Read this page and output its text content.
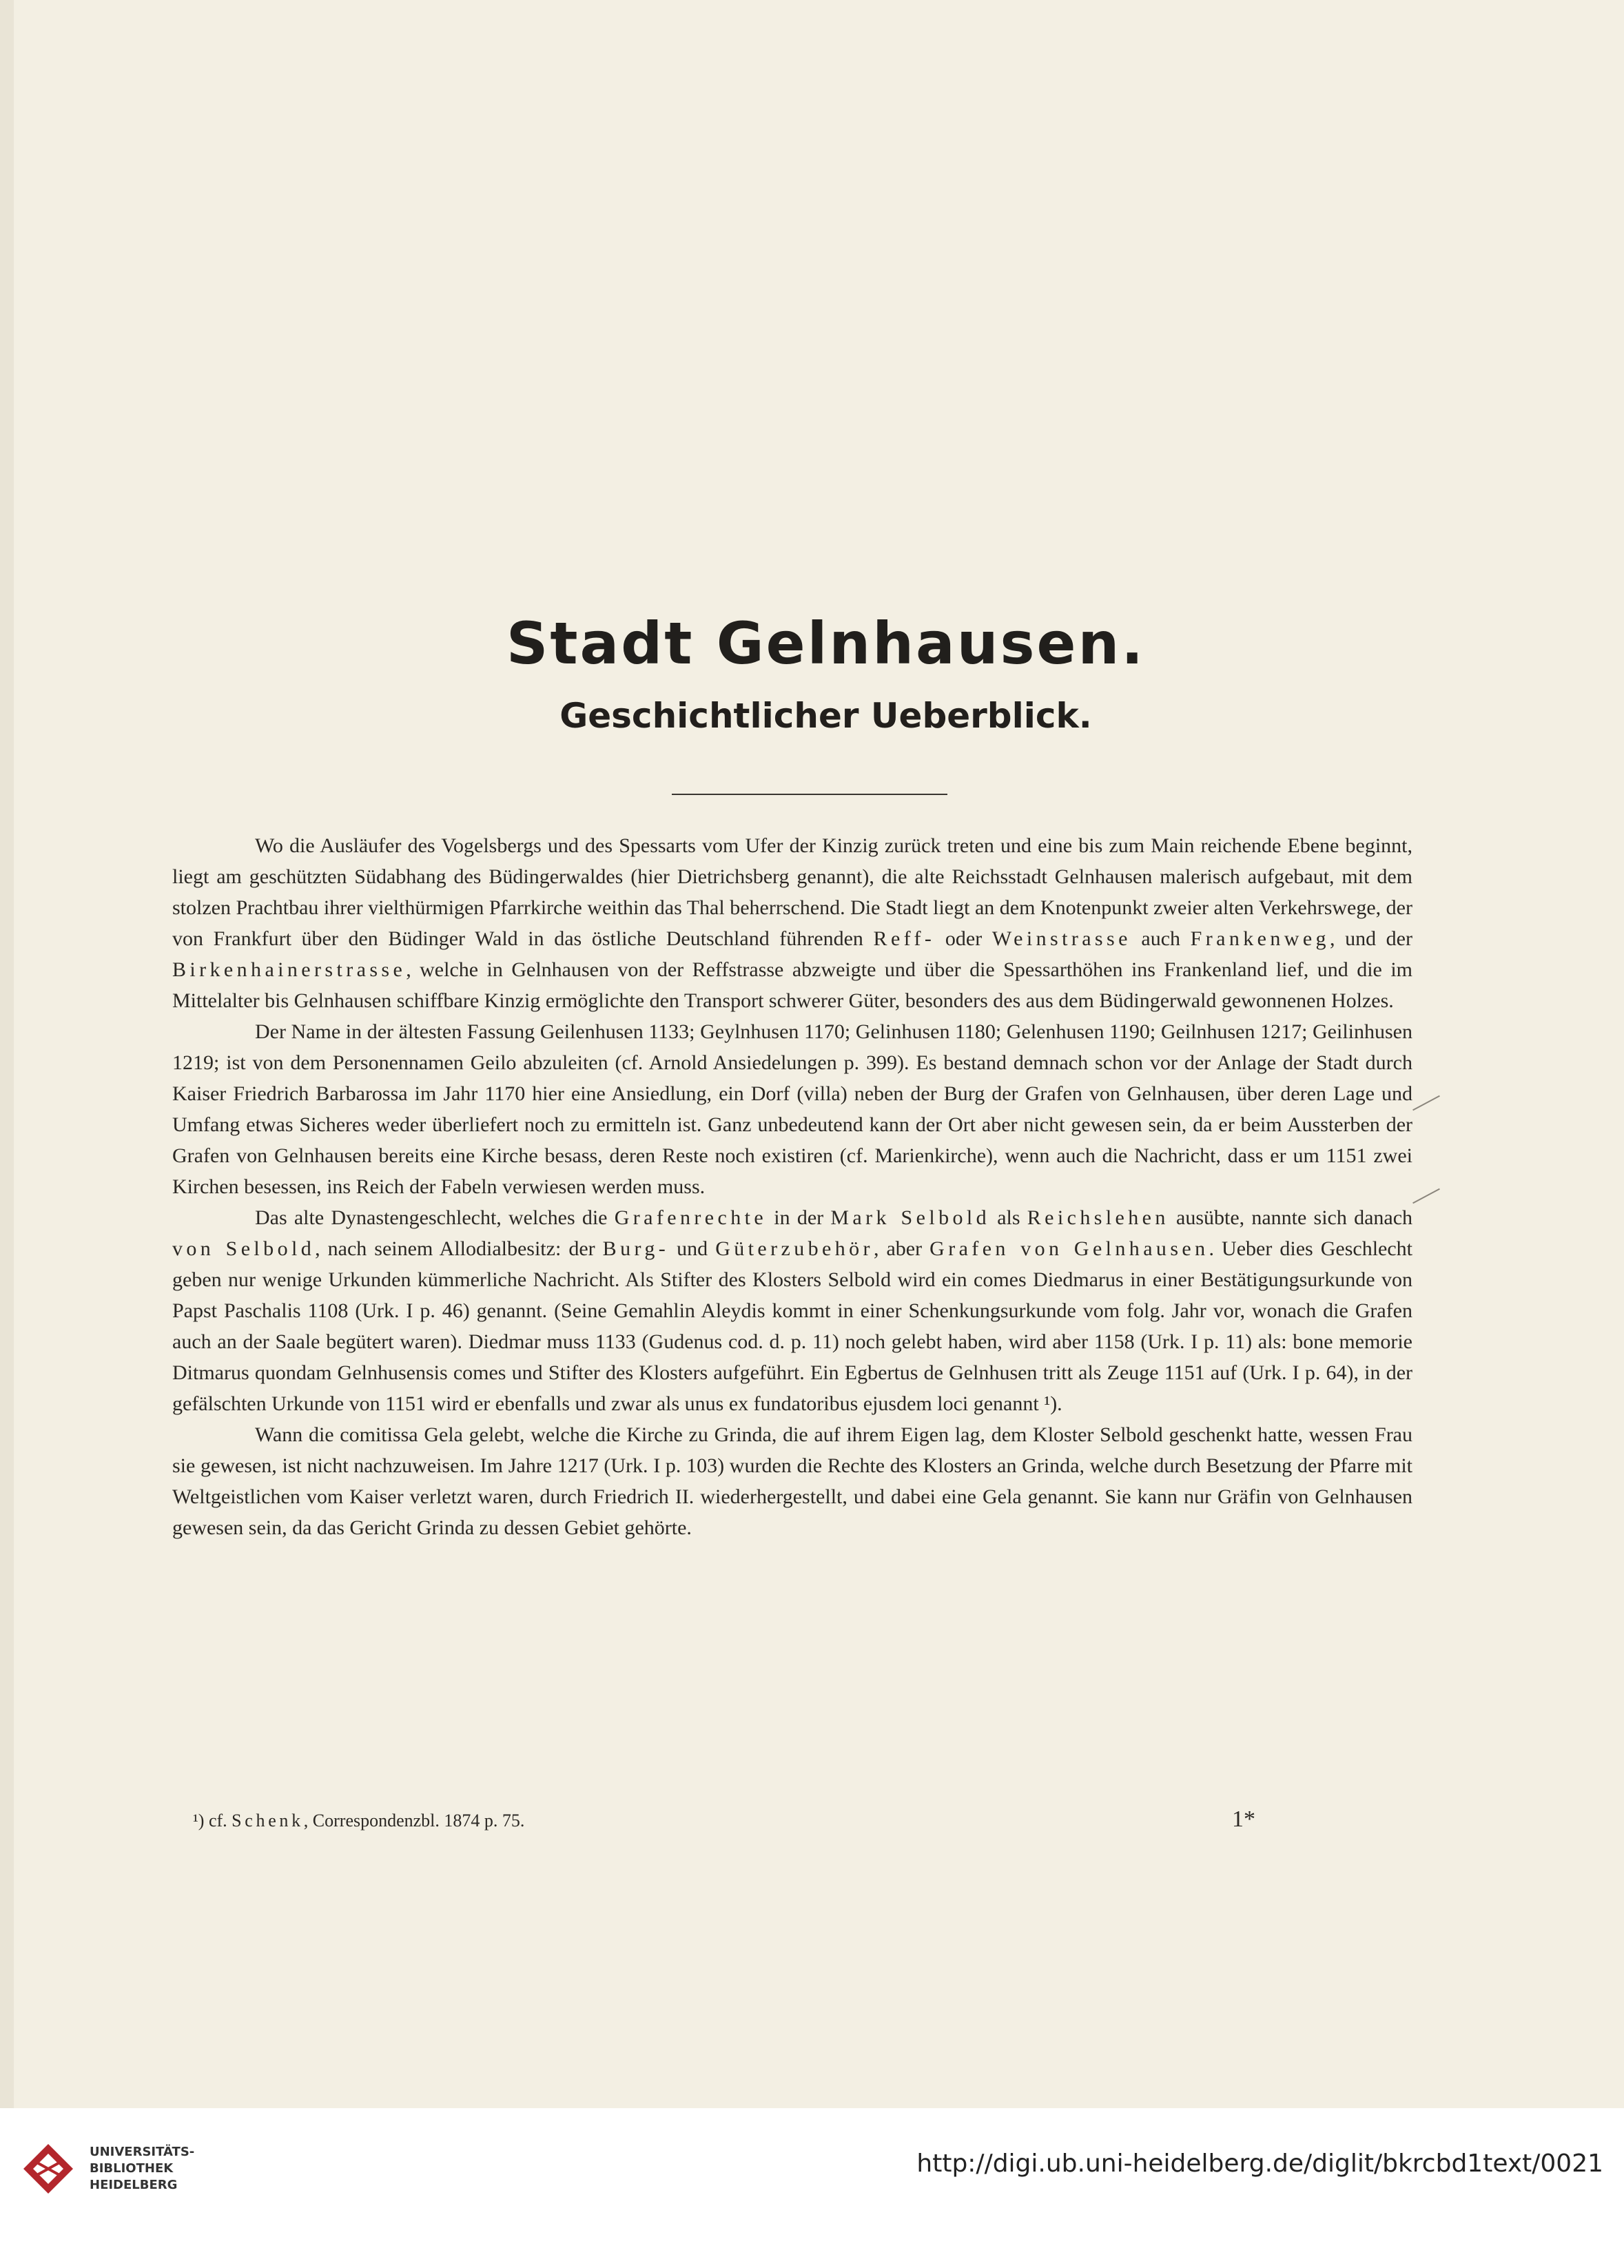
Stadt Gelnhausen.
Geschichtlicher Ueberblick.

Wo die Ausläufer des Vogelsbergs und des Spessarts vom Ufer der Kinzig zurück treten und eine bis zum Main reichende Ebene beginnt, liegt am geschützten Südabhang des Büdingerwaldes (hier Dietrichsberg genannt), die alte Reichsstadt Gelnhausen malerisch aufgebaut, mit dem stolzen Prachtbau ihrer vielthürmigen Pfarrkirche weithin das Thal beherrschend. Die Stadt liegt an dem Knotenpunkt zweier alten Verkehrswege, der von Frankfurt über den Büdinger Wald in das östliche Deutschland führenden Reff- oder Weinstrasse auch Frankenweg, und der Birkenhainerstrasse, welche in Gelnhausen von der Reffstrasse abzweigte und über die Spessarthöhen ins Frankenland lief, und die im Mittelalter bis Gelnhausen schiffbare Kinzig ermöglichte den Transport schwerer Güter, besonders des aus dem Büdingerwald gewonnenen Holzes.

Der Name in der ältesten Fassung Geilenhusen 1133; Geylnhusen 1170; Gelinhusen 1180; Gelenhusen 1190; Geilnhusen 1217; Geilinhusen 1219; ist von dem Personennamen Geilo abzuleiten (cf. Arnold Ansiedelungen p. 399). Es bestand demnach schon vor der Anlage der Stadt durch Kaiser Friedrich Barbarossa im Jahr 1170 hier eine Ansiedlung, ein Dorf (villa) neben der Burg der Grafen von Gelnhausen, über deren Lage und Umfang etwas Sicheres weder überliefert noch zu ermitteln ist. Ganz unbedeutend kann der Ort aber nicht gewesen sein, da er beim Aussterben der Grafen von Gelnhausen bereits eine Kirche besass, deren Reste noch existiren (cf. Marienkirche), wenn auch die Nachricht, dass er um 1151 zwei Kirchen besessen, ins Reich der Fabeln verwiesen werden muss.

Das alte Dynastengeschlecht, welches die Grafenrechte in der Mark Selbold als Reichslehen ausübte, nannte sich danach von Selbold, nach seinem Allodialbesitz: der Burg- und Güterzubehör, aber Grafen von Gelnhausen. Ueber dies Geschlecht geben nur wenige Urkunden kümmerliche Nachricht. Als Stifter des Klosters Selbold wird ein comes Diedmarus in einer Bestätigungsurkunde von Papst Paschalis 1108 (Urk. I p. 46) genannt. (Seine Gemahlin Aleydis kommt in einer Schenkungsurkunde vom folg. Jahr vor, wonach die Grafen auch an der Saale begütert waren). Diedmar muss 1133 (Gudenus cod. d. p. 11) noch gelebt haben, wird aber 1158 (Urk. I p. 11) als: bone memorie Ditmarus quondam Gelnhusensis comes und Stifter des Klosters aufgeführt. Ein Egbertus de Gelnhusen tritt als Zeuge 1151 auf (Urk. I p. 64), in der gefälschten Urkunde von 1151 wird er ebenfalls und zwar als unus ex fundatoribus ejusdem loci genannt ¹).

Wann die comitissa Gela gelebt, welche die Kirche zu Grinda, die auf ihrem Eigen lag, dem Kloster Selbold geschenkt hatte, wessen Frau sie gewesen, ist nicht nachzuweisen. Im Jahre 1217 (Urk. I p. 103) wurden die Rechte des Klosters an Grinda, welche durch Besetzung der Pfarre mit Weltgeistlichen vom Kaiser verletzt waren, durch Friedrich II. wiederhergestellt, und dabei eine Gela genannt. Sie kann nur Gräfin von Gelnhausen gewesen sein, da das Gericht Grinda zu dessen Gebiet gehörte.

¹) cf. Schenk, Correspondenzbl. 1874 p. 75.	1*
UNIVERSITÄTS-
BIBLIOTHEK
HEIDELBERG
http://digi.ub.uni-heidelberg.de/diglit/bkrcbd1text/0021
